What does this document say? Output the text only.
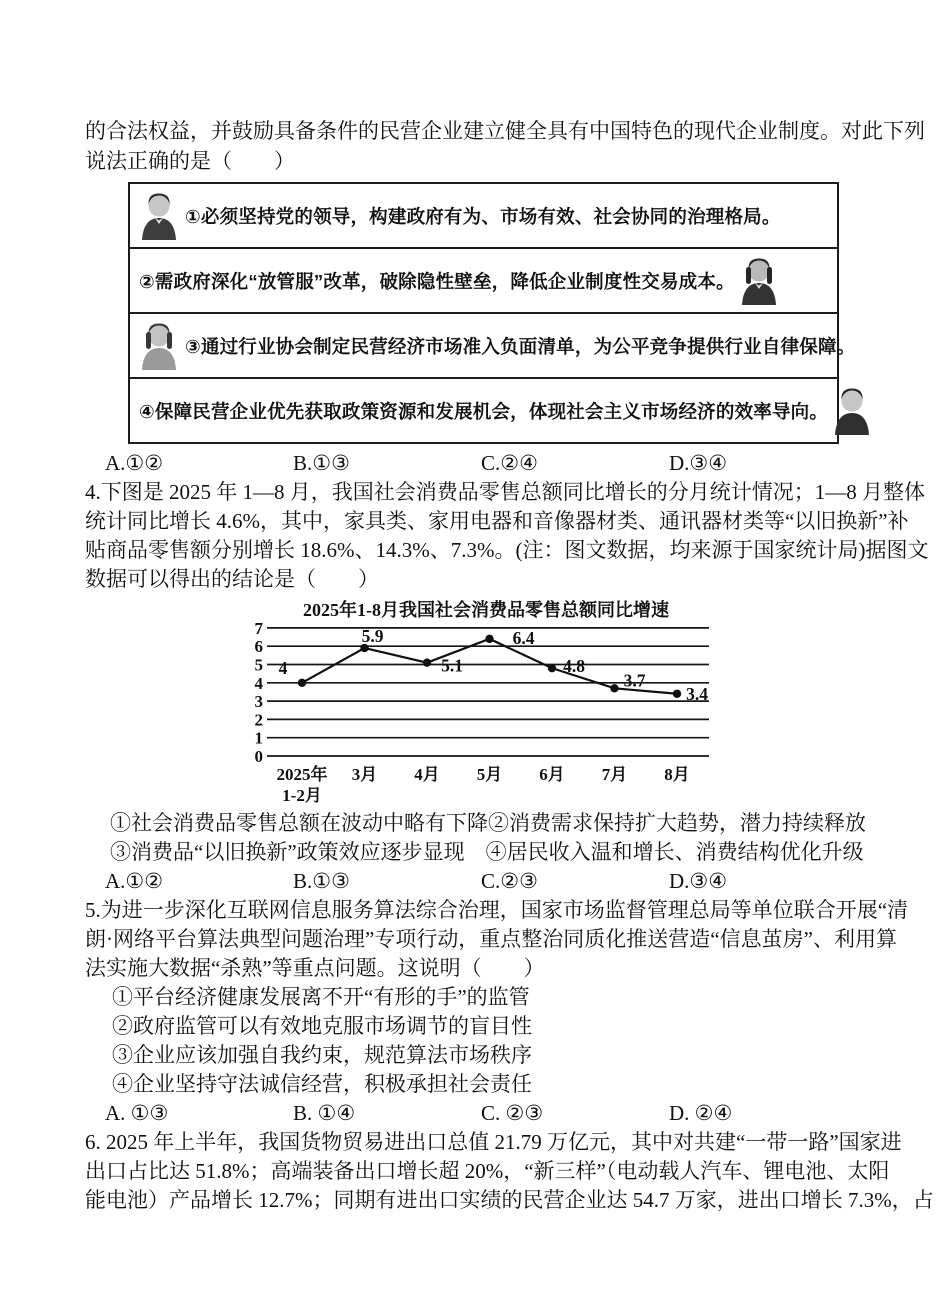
的合法权益，并鼓励具备条件的民营企业建立健全具有中国特色的现代企业制度。对此下列
说法正确的是（　　）
①必须坚持党的领导，构建政府有为、市场有效、社会协同的治理格局。
②需政府深化“放管服”改革，破除隐性壁垒，降低企业制度性交易成本。
③通过行业协会制定民营经济市场准入负面清单，为公平竞争提供行业自律保障。
④保障民营企业优先获取政策资源和发展机会，体现社会主义市场经济的效率导向。
A.①②	B.①③	C.②④	D.③④
4.下图是 2025 年 1—8 月，我国社会消费品零售总额同比增长的分月统计情况；1—8 月整体
统计同比增长 4.6%，其中，家具类、家用电器和音像器材类、通讯器材类等“以旧换新”补
贴商品零售额分别增长 18.6%、14.3%、7.3%。(注：图文数据，均来源于国家统计局)据图文
数据可以得出的结论是（　　）
2025年1-8月我国社会消费品零售总额同比增速
0
1
2
3
4
5
6
7
4
5.9
5.1
6.4
4.8
3.7
3.4
2025年
1-2月
3月 4月 5月 6月 7月 8月
①社会消费品零售总额在波动中略有下降②消费需求保持扩大趋势，潜力持续释放
③消费品“以旧换新”政策效应逐步显现　④居民收入温和增长、消费结构优化升级
A.①②	B.①③	C.②③	D.③④
5.为进一步深化互联网信息服务算法综合治理，国家市场监督管理总局等单位联合开展“清
朗·网络平台算法典型问题治理”专项行动，重点整治同质化推送营造“信息茧房”、利用算
法实施大数据“杀熟”等重点问题。这说明（　　）
①平台经济健康发展离不开“有形的手”的监管
②政府监管可以有效地克服市场调节的盲目性
③企业应该加强自我约束，规范算法市场秩序
④企业坚持守法诚信经营，积极承担社会责任
A. ①③	B. ①④	C. ②③	D. ②④
6. 2025 年上半年，我国货物贸易进出口总值 21.79 万亿元，其中对共建“一带一路”国家进
出口占比达 51.8%；高端装备出口增长超 20%，“新三样”（电动载人汽车、锂电池、太阳
能电池）产品增长 12.7%；同期有进出口实绩的民营企业达 54.7 万家，进出口增长 7.3%，占
